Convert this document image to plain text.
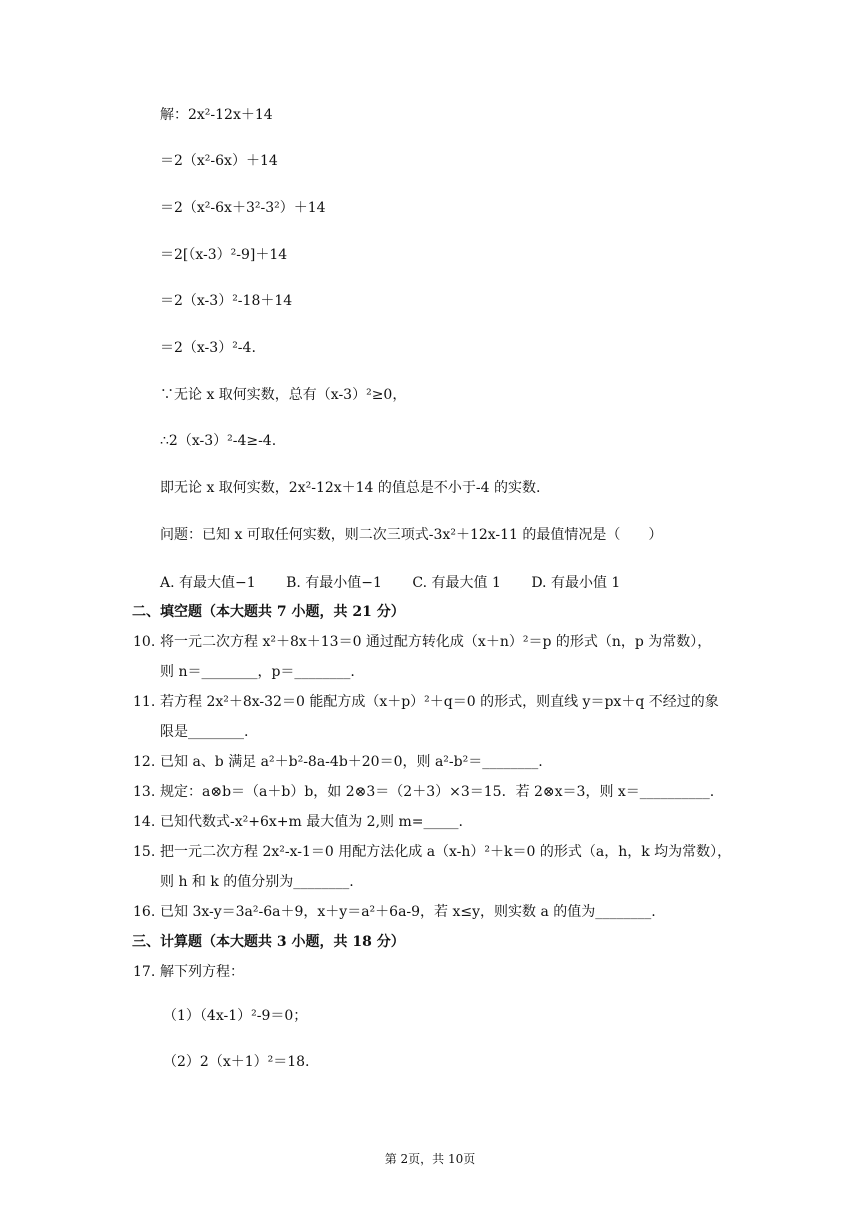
解：2x²-12x＋14
＝2（x²-6x）＋14
＝2（x²-6x＋3²-3²）＋14
＝2[（x-3）²-9]＋14
＝2（x-3）²-18＋14
＝2（x-3）²-4.
∵无论 x 取何实数，总有（x-3）²≥0，
∴2（x-3）²-4≥-4.
即无论 x 取何实数，2x²-12x＋14 的值总是不小于-4 的实数.
问题：已知 x 可取任何实数，则二次三项式-3x²＋12x-11 的最值情况是（　　）
A. 有最大值−1 B. 有最小值−1 C. 有最大值 1 D. 有最小值 1
二、填空题（本大题共 7 小题，共 21 分）
10. 将一元二次方程 x²＋8x＋13＝0 通过配方转化成（x＋n）²＝p 的形式（n，p 为常数），
则 n＝________，p＝________.
11. 若方程 2x²＋8x-32＝0 能配方成（x＋p）²＋q＝0 的形式，则直线 y＝px＋q 不经过的象
限是________.
12. 已知 a、b 满足 a²＋b²-8a-4b＋20＝0，则 a²-b²＝________.
13. 规定：a⊗b＝（a＋b）b，如 2⊗3＝（2＋3）×3＝15．若 2⊗x＝3，则 x＝__________.
14. 已知代数式-x²+6x+m 最大值为 2,则 m=_____.
15. 把一元二次方程 2x²-x-1＝0 用配方法化成 a（x-h）²＋k＝0 的形式（a，h，k 均为常数），
则 h 和 k 的值分别为________.
16. 已知 3x-y＝3a²-6a＋9，x＋y＝a²＋6a-9，若 x≤y，则实数 a 的值为________.
三、计算题（本大题共 3 小题，共 18 分）
17. 解下列方程：
（1）（4x-1）²-9＝0；
（2）2（x＋1）²＝18.
第 2页，共 10页
